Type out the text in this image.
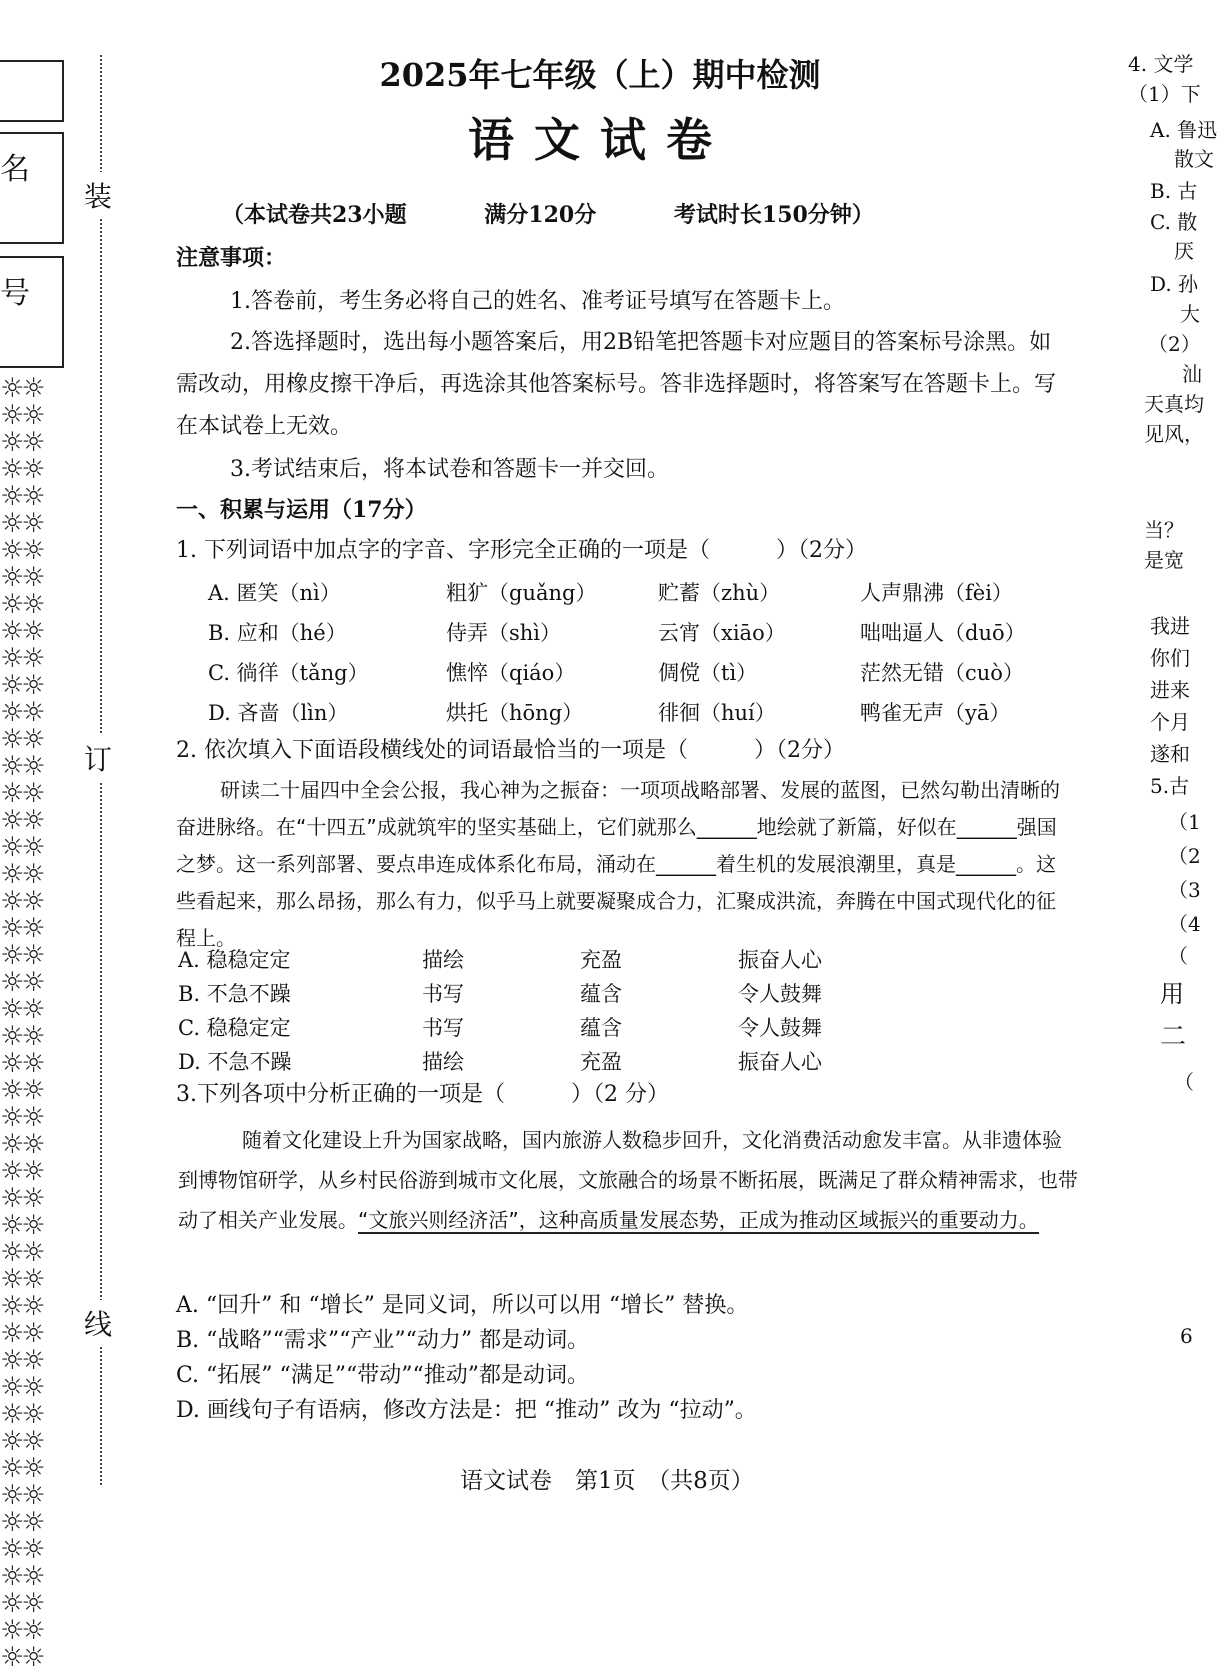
名
号
☼☼☼☼☼☼☼☼☼☼☼☼☼☼☼☼☼☼☼☼☼☼☼☼☼☼☼☼☼☼☼☼☼☼☼☼☼☼☼☼☼☼☼☼☼☼☼☼☼☼☼☼☼☼☼☼☼☼☼☼☼☼☼☼☼☼☼☼☼☼☼☼☼☼☼☼☼☼☼☼☼☼☼☼☼☼☼☼☼☼☼☼☼☼☼☼
装
订
线
2025年七年级（上）期中检测
语文试卷
（本试卷共23小题	满分120分	考试时长150分钟）
注意事项：
1.答卷前，考生务必将自己的姓名、准考证号填写在答题卡上。
2.答选择题时，选出每小题答案后，用2B铅笔把答题卡对应题目的答案标号涂黑。如需改动，用橡皮擦干净后，再选涂其他答案标号。答非选择题时，将答案写在答题卡上。写在本试卷上无效。
3.考试结束后，将本试卷和答题卡一并交回。
一、积累与运用（17分）
1. 下列词语中加点字的字音、字形完全正确的一项是（　　　）（2分）
A. 匿笑（nì）	粗犷（guǎng）	贮蓄（zhù）	人声鼎沸（fèi）
B. 应和（hé）	侍弄（shì）	云宵（xiāo）	咄咄逼人（duō）
C. 徜徉（tǎng）	憔悴（qiáo）	倜傥（tì）	茫然无错（cuò）
D. 吝啬（lìn）	烘托（hōng）	徘徊（huí）	鸭雀无声（yā）
2. 依次填入下面语段横线处的词语最恰当的一项是（　　　）（2分）
研读二十届四中全会公报，我心神为之振奋：一项项战略部署、发展的蓝图，已然勾勒出清晰的奋进脉络。在“十四五”成就筑牢的坚实基础上，它们就那么______地绘就了新篇，好似在______强国之梦。这一系列部署、要点串连成体系化布局，涌动在______着生机的发展浪潮里，真是______。这些看起来，那么昂扬，那么有力，似乎马上就要凝聚成合力，汇聚成洪流，奔腾在中国式现代化的征程上。
A. 稳稳定定	描绘	充盈	振奋人心
B. 不急不躁	书写	蕴含	令人鼓舞
C. 稳稳定定	书写	蕴含	令人鼓舞
D. 不急不躁	描绘	充盈	振奋人心
3.下列各项中分析正确的一项是（　　　）（2 分）
随着文化建设上升为国家战略，国内旅游人数稳步回升，文化消费活动愈发丰富。从非遗体验到博物馆研学，从乡村民俗游到城市文化展，文旅融合的场景不断拓展，既满足了群众精神需求，也带动了相关产业发展。“文旅兴则经济活”，这种高质量发展态势，正成为推动区域振兴的重要动力。
A. “回升” 和 “增长” 是同义词，所以可以用 “增长” 替换。
B. “战略”“需求”“产业”“动力” 都是动词。
C. “拓展” “满足”“带动”“推动”都是动词。
D. 画线句子有语病，修改方法是：把 “推动” 改为 “拉动”。
语文试卷　第1页　（共8页）
4. 文学
（1）下
A. 鲁迅
散文
B. 古
C. 散
厌
D. 孙
大
（2）
汕
天真均
见风，
当？
是宽
我进
你们
进来
个月
遂和
5.古
（1
（2
（3
（4
（
用
二
（
6
